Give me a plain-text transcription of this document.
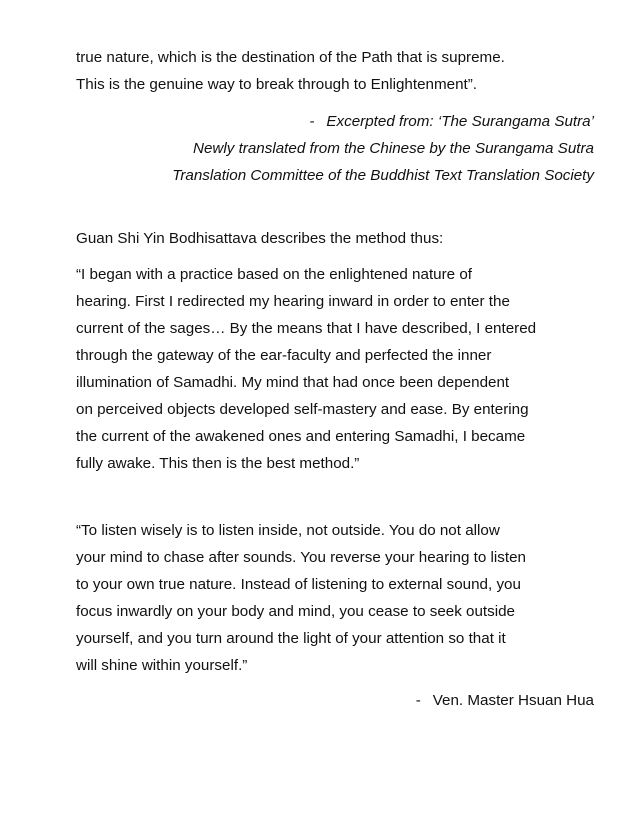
true nature, which is the destination of the Path that is supreme.
This is the genuine way to break through to Enlightenment”.
- Excerpted from: ‘The Surangama Sutra’
Newly translated from the Chinese by the Surangama Sutra
Translation Committee of the Buddhist Text Translation Society
Guan Shi Yin Bodhisattava describes the method thus:
“I began with a practice based on the enlightened nature of
hearing. First I redirected my hearing inward in order to enter the
current of the sages… By the means that I have described, I entered
through the gateway of the ear-faculty and perfected the inner
illumination of Samadhi. My mind that had once been dependent
on perceived objects developed self-mastery and ease. By entering
the current of the awakened ones and entering Samadhi, I became
fully awake. This then is the best method.”
“To listen wisely is to listen inside, not outside. You do not allow
your mind to chase after sounds. You reverse your hearing to listen
to your own true nature. Instead of listening to external sound, you
focus inwardly on your body and mind, you cease to seek outside
yourself, and you turn around the light of your attention so that it
will shine within yourself.”
- Ven. Master Hsuan Hua
